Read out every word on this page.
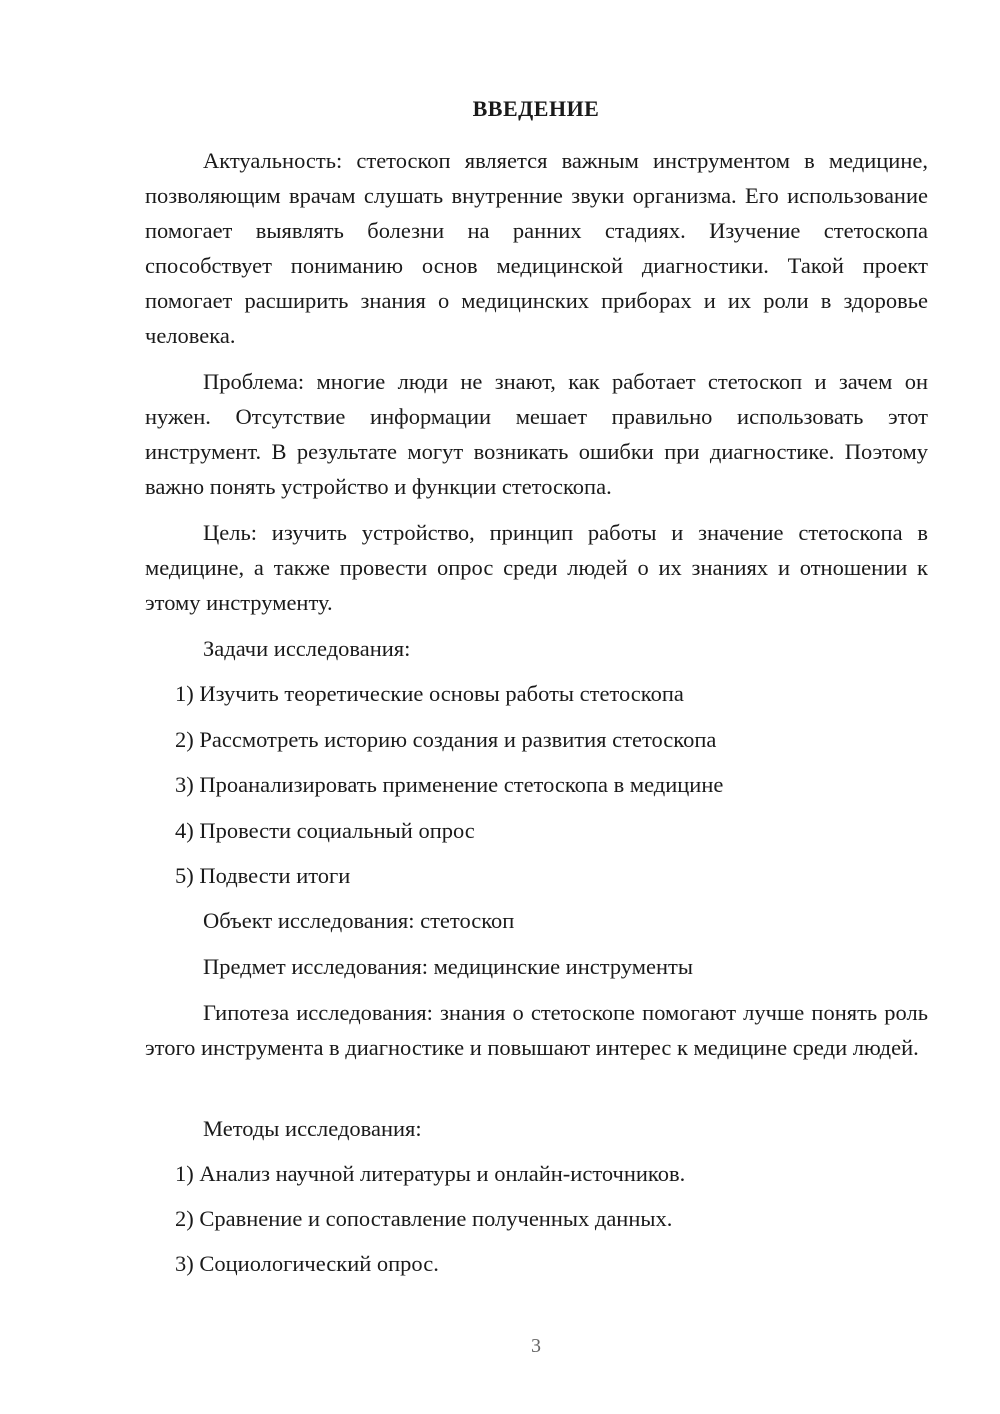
ВВЕДЕНИЕ

Актуальность: стетоскоп является важным инструментом в медицине, позволяющим врачам слушать внутренние звуки организма. Его использование помогает выявлять болезни на ранних стадиях. Изучение стетоскопа способствует пониманию основ медицинской диагностики. Такой проект помогает расширить знания о медицинских приборах и их роли в здоровье человека.

Проблема: многие люди не знают, как работает стетоскоп и зачем он нужен. Отсутствие информации мешает правильно использовать этот инструмент. В результате могут возникать ошибки при диагностике. Поэтому важно понять устройство и функции стетоскопа.

Цель: изучить устройство, принцип работы и значение стетоскопа в медицине, а также провести опрос среди людей о их знаниях и отношении к этому инструменту.

Задачи исследования:

1) Изучить теоретические основы работы стетоскопа

2) Рассмотреть историю создания и развития стетоскопа

3) Проанализировать применение стетоскопа в медицине

4) Провести социальный опрос

5) Подвести итоги

Объект исследования: стетоскоп

Предмет исследования: медицинские инструменты

Гипотеза исследования: знания о стетоскопе помогают лучше понять роль этого инструмента в диагностике и повышают интерес к медицине среди людей.

Методы исследования:

1) Анализ научной литературы и онлайн-источников.

2) Сравнение и сопоставление полученных данных.

3) Социологический опрос.

3
